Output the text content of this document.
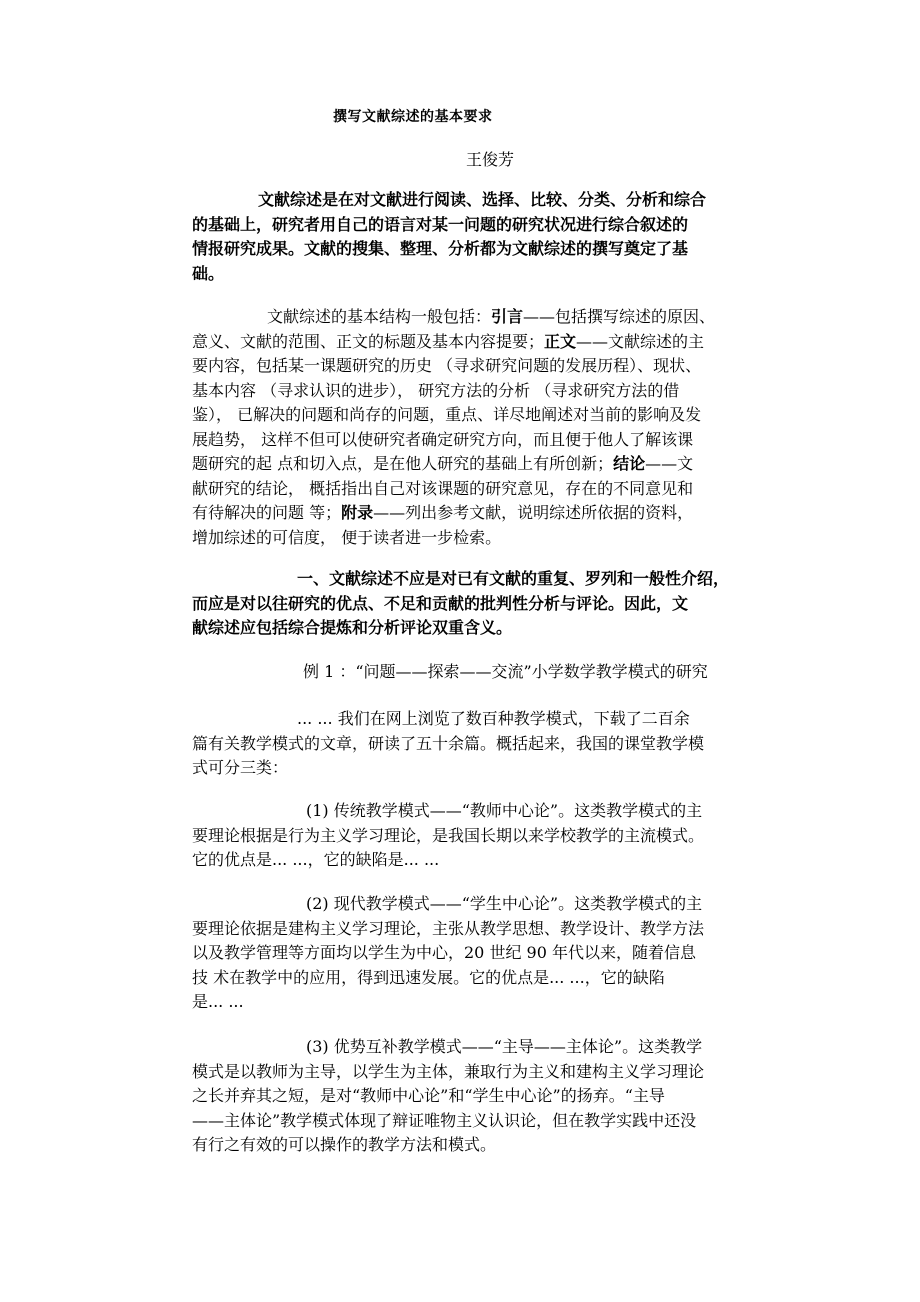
撰写文献综述的基本要求
王俊芳
文献综述是在对文献进行阅读、选择、比较、分类、分析和综合
的基础上，研究者用自己的语言对某一问题的研究状况进行综合叙述的
情报研究成果。文献的搜集、整理、分析都为文献综述的撰写奠定了基
础。
文献综述的基本结构一般包括：引言——包括撰写综述的原因、
意义、文献的范围、正文的标题及基本内容提要；正文——文献综述的主
要内容，包括某一课题研究的历史 （寻求研究问题的发展历程）、现状、
基本内容 （寻求认识的进步）， 研究方法的分析 （寻求研究方法的借
鉴）， 已解决的问题和尚存的问题，重点、详尽地阐述对当前的影响及发
展趋势， 这样不但可以使研究者确定研究方向，而且便于他人了解该课
题研究的起 点和切入点，是在他人研究的基础上有所创新；结论——文
献研究的结论， 概括指出自己对该课题的研究意见，存在的不同意见和
有待解决的问题 等；附录——列出参考文献，说明综述所依据的资料，
增加综述的可信度， 便于读者进一步检索。
一、文献综述不应是对已有文献的重复、罗列和一般性介绍，
而应是对以往研究的优点、不足和贡献的批判性分析与评论。因此，文
献综述应包括综合提炼和分析评论双重含义。
例 1 ：“问题——探索——交流”小学数学教学模式的研究
... ... 我们在网上浏览了数百种教学模式，下载了二百余
篇有关教学模式的文章，研读了五十余篇。概括起来，我国的课堂教学模
式可分三类：
(1) 传统教学模式——“教师中心论”。这类教学模式的主
要理论根据是行为主义学习理论，是我国长期以来学校教学的主流模式。
它的优点是... ...，它的缺陷是... ...
(2) 现代教学模式——“学生中心论”。这类教学模式的主
要理论依据是建构主义学习理论，主张从教学思想、教学设计、教学方法
以及教学管理等方面均以学生为中心，20 世纪 90 年代以来，随着信息
技 术在教学中的应用，得到迅速发展。它的优点是... ...，它的缺陷
是... ...
(3) 优势互补教学模式——“主导——主体论”。这类教学
模式是以教师为主导，以学生为主体，兼取行为主义和建构主义学习理论
之长并弃其之短，是对“教师中心论”和“学生中心论”的扬弃。“主导
——主体论”教学模式体现了辩证唯物主义认识论，但在教学实践中还没
有行之有效的可以操作的教学方法和模式。
